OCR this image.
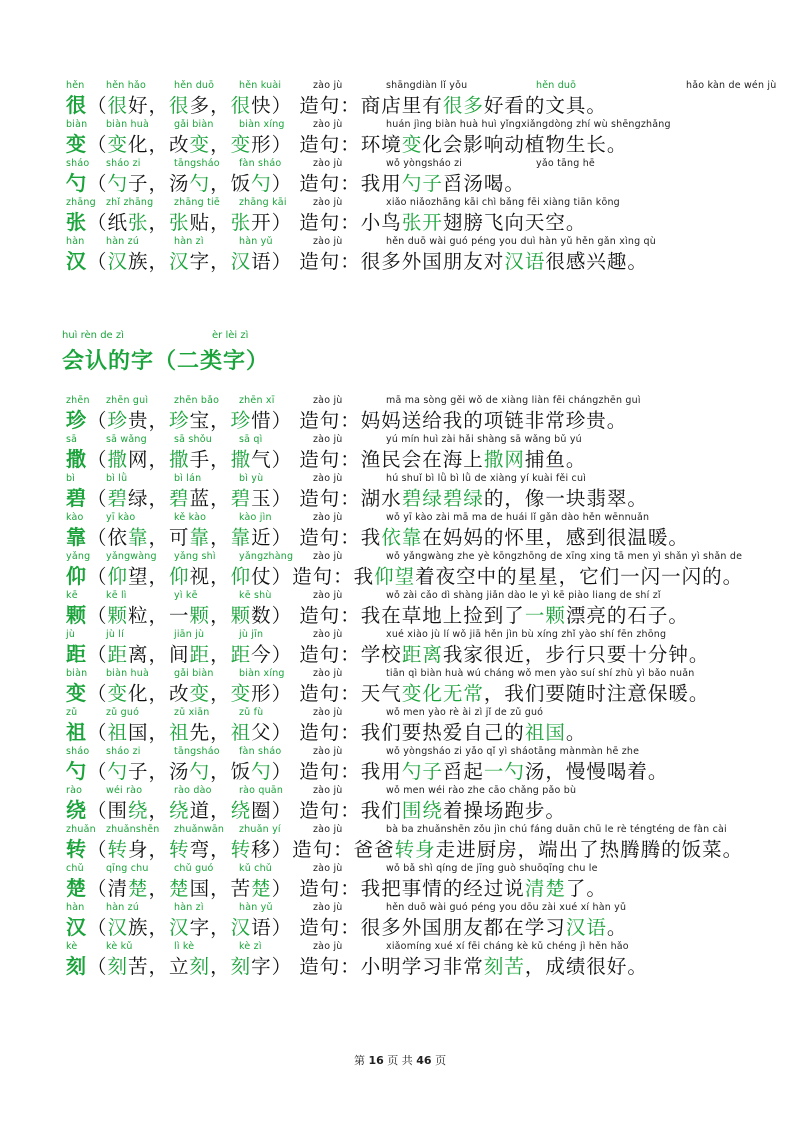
hěn hěn hǎo	hěn duō	hěn kuài	zào jù	shāngdiàn lǐ yǒu	hěn duō	hǎo kàn de wén jù
很（很好，很多，很快） 造句：商店里有很多好看的文具。
biàn biàn huà	gǎi biàn	biàn xíng	zào jù	huán jìng biàn huà huì yǐngxiǎngdòng zhí wù shēngzhǎng
变（变化，改变，变形） 造句：环境变化会影响动植物生长。
sháo sháo zi	tāngsháo fàn sháo	zào jù	wǒ yòngsháo zi	yǎo tāng hē
勺（勺子，汤勺，饭勺） 造句：我用勺子舀汤喝。
zhāng zhǐ zhāng zhāng tiē zhāng kāi	zào jù	xiǎo niǎozhāng kāi chì bǎng fēi xiàng tiān kōng
张（纸张，张贴，张开） 造句：小鸟张开翅膀飞向天空。
hàn hàn zú	hàn zì	hàn yǔ	zào jù	hěn duō wài guó péng you duì hàn yǔ hěn gǎn xìng qù
汉（汉族，汉字，汉语） 造句：很多外国朋友对汉语很感兴趣。
huì rèn de zì	èr lèi zì
会认的字（二类字）
zhēn zhēn guì	zhēn bǎo zhēn xī	zào jù	mā ma sòng gěi wǒ de xiàng liàn fēi chángzhēn guì
珍（珍贵，珍宝，珍惜） 造句：妈妈送给我的项链非常珍贵。
sā	sā wǎng	sā shǒu	sā qì	zào jù	yú mín huì zài hǎi shàng sā wǎng bǔ yú
撒（撒网，撒手，撒气） 造句：渔民会在海上撒网捕鱼。
bì	bì lǜ	bì lán	bì yù	zào jù	hú shuǐ bì lǜ bì lǜ de xiàng yí kuài fěi cuì
碧（碧绿，碧蓝，碧玉） 造句：湖水碧绿碧绿的，像一块翡翠。
kào yī kào	kě kào	kào jìn	zào jù	wǒ yī kào zài mā ma de huái lǐ gǎn dào hěn wēnnuǎn
靠（依靠，可靠，靠近） 造句：我依靠在妈妈的怀里，感到很温暖。
yǎng yǎngwàng yǎng shì yǎngzhàng zào jù	wǒ yǎngwàng zhe yè kōngzhōng de xīng xing tā men yì shǎn yì shǎn de
仰（仰望，仰视，仰仗）造句：我仰望着夜空中的星星，它们一闪一闪的。
kē	kē lì	yì kē	kē shù	zào jù	wǒ zài cǎo dì shàng jiǎn dào le yì kē piào liang de shí zǐ
颗（颗粒，一颗，颗数） 造句：我在草地上捡到了一颗漂亮的石子。
jù	jù lí	jiān jù	jù jīn	zào jù	xué xiào jù lí wǒ jiā hěn jìn bù xíng zhǐ yào shí fēn zhōng
距（距离，间距，距今） 造句：学校距离我家很近，步行只要十分钟。
biàn biàn huà	gǎi biàn	biàn xíng	zào jù	tiān qì biàn huà wú cháng wǒ men yào suí shí zhù yì bǎo nuǎn
变（变化，改变，变形） 造句：天气变化无常，我们要随时注意保暖。
zǔ	zǔ guó	zǔ xiān	zǔ fù	zào jù	wǒ men yào rè ài zì jǐ de zǔ guó
祖（祖国，祖先，祖父） 造句：我们要热爱自己的祖国。
sháo sháo zi	tāngsháo fàn sháo	zào jù	wǒ yòngsháo zi yǎo qǐ yì sháotāng mànmàn hē zhe
勺（勺子，汤勺，饭勺） 造句：我用勺子舀起一勺汤，慢慢喝着。
rào	wéi rào	rào dào	rào quān	zào jù	wǒ men wéi rào zhe cāo chǎng pǎo bù
绕（围绕，绕道，绕圈） 造句：我们围绕着操场跑步。
zhuǎn zhuǎnshēn zhuǎnwān zhuǎn yí	zào jù	bà ba zhuǎnshēn zǒu jìn chú fáng duān chū le rè téngténg de fàn cài
转（转身，转弯，转移）造句：爸爸转身走进厨房，端出了热腾腾的饭菜。
chǔ qīng chu	chǔ guó	kǔ chǔ	zào jù	wǒ bǎ shì qíng de jīng guò shuōqīng chu le
楚（清楚，楚国，苦楚） 造句：我把事情的经过说清楚了。
hàn hàn zú	hàn zì	hàn yǔ	zào jù	hěn duō wài guó péng you dōu zài xué xí hàn yǔ
汉（汉族，汉字，汉语） 造句：很多外国朋友都在学习汉语。
kè	kè kǔ	lì kè	kè zì	zào jù	xiǎomíng xué xí fēi cháng kè kǔ chéng jì hěn hǎo
刻（刻苦，立刻，刻字） 造句：小明学习非常刻苦，成绩很好。
第 16 页 共 46 页
